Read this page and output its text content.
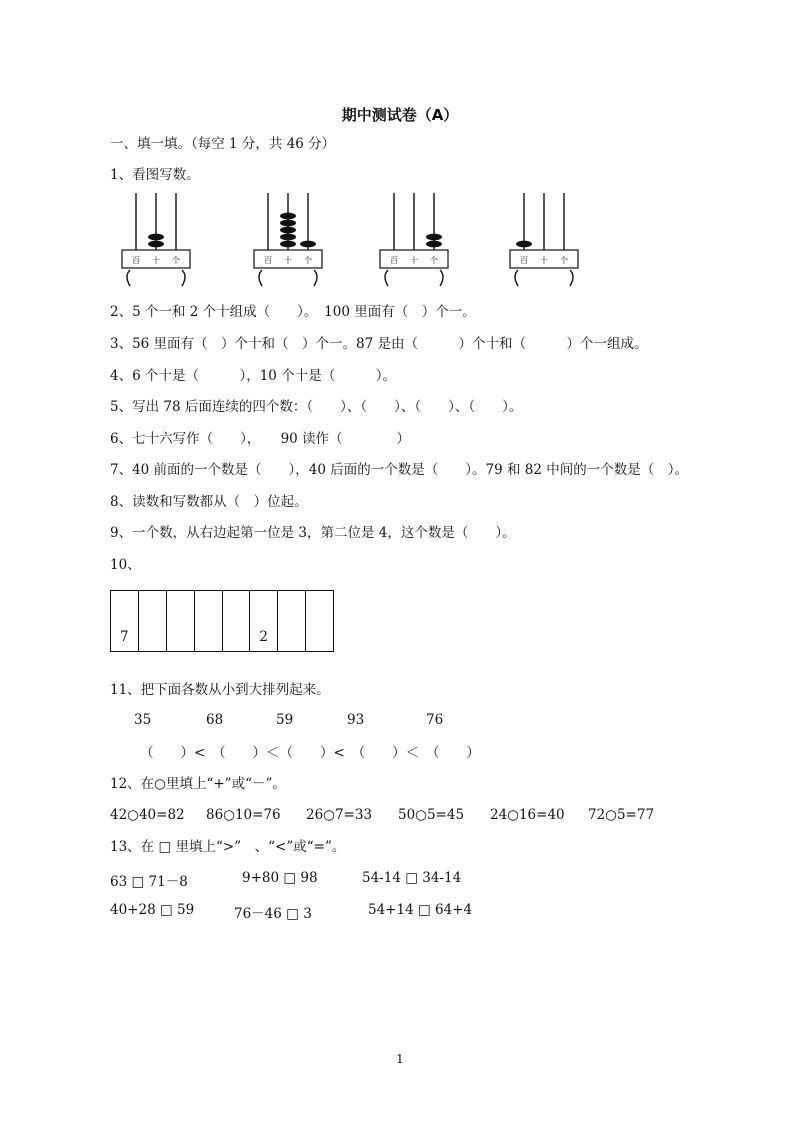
期中测试卷（A）
一、填一填。（每空 1 分，共 46 分）
1、看图写数。
百 十 个	百 十 个	百 十 个	百 十 个
2、5 个一和 2 个十组成（　　）。　100 里面有（　）个一。
3、56 里面有（　）个十和（　）个一。87 是由（　　　）个十和（　　　）个一组成。
4、6 个十是（　　　），10 个十是（　　　）。
5、写出 78 后面连续的四个数：（　　）、（　　）、（　　）、（　　）。
6、七十六写作（　　），　　90 读作（　　　　）
7、40 前面的一个数是（　　），40 后面的一个数是（　　）。79 和 82 中间的一个数是（　）。
8、读数和写数都从（　）位起。
9、一个数，从右边起第一位是 3，第二位是 4，这个数是（　　）。
10、
7	2
11、把下面各数从小到大排列起来。
35	68	59	93	76
（　　）<　（　　）＜（　　）<　（　　）＜　（　　）
12、在○里填上“+”或“－”。
42○40=82 86○10=76 26○7=33 50○5=45 24○16=40 72○5=77
13、在 □ 里填上“>”　、“<”或“=”。
63 □ 71－8	9+80 □ 98	54-14 □ 34-14
40+28 □ 59	76－46 □ 3	54+14 □ 64+4
1
